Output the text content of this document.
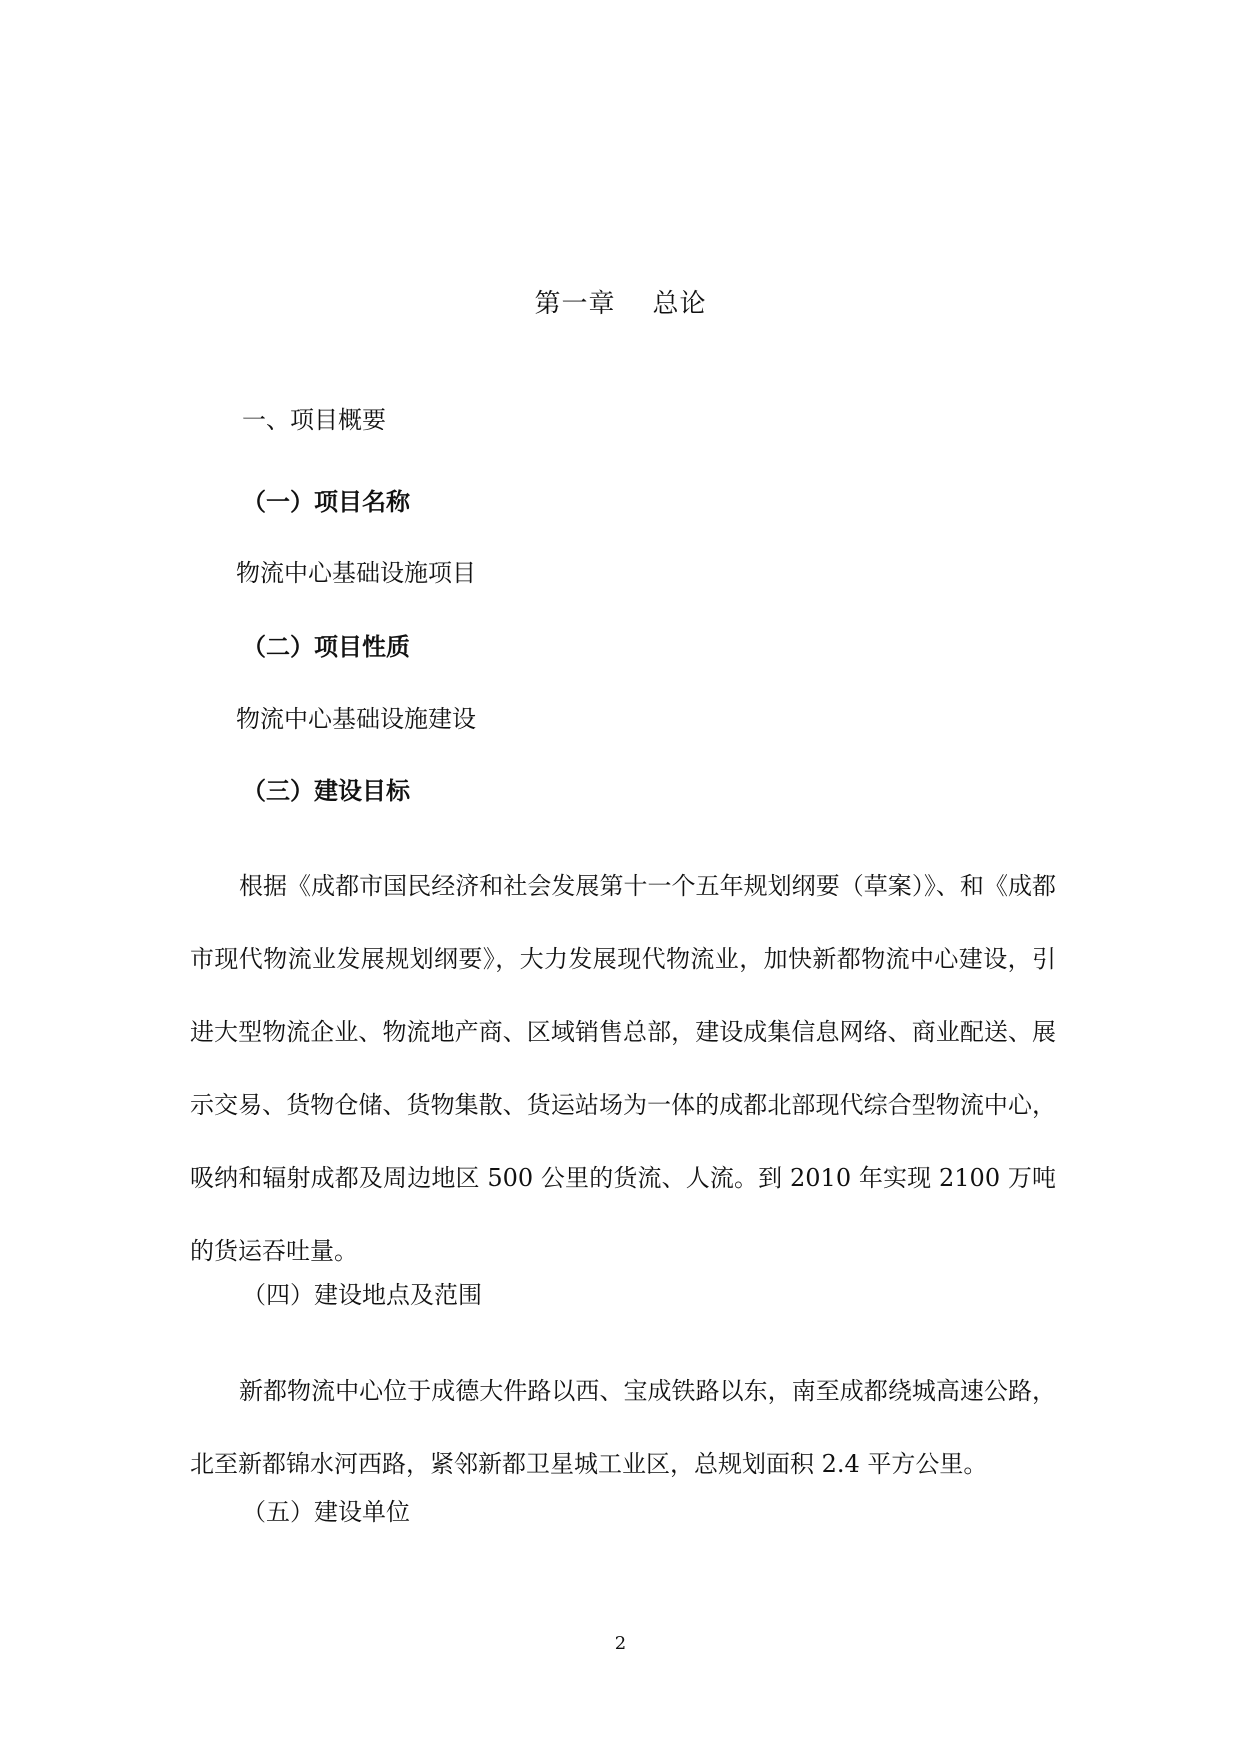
第一章    总论
一、项目概要
（一）项目名称
物流中心基础设施项目
（二）项目性质
物流中心基础设施建设
（三）建设目标

根据《成都市国民经济和社会发展第十一个五年规划纲要（草案）》、和《成都市现代物流业发展规划纲要》，大力发展现代物流业，加快新都物流中心建设，引进大型物流企业、物流地产商、区域销售总部，建设成集信息网络、商业配送、展示交易、货物仓储、货物集散、货运站场为一体的成都北部现代综合型物流中心，吸纳和辐射成都及周边地区 500 公里的货流、人流。到 2010 年实现 2100 万吨的货运吞吐量。

（四）建设地点及范围

新都物流中心位于成德大件路以西、宝成铁路以东，南至成都绕城高速公路，北至新都锦水河西路，紧邻新都卫星城工业区，总规划面积 2.4 平方公里。

（五）建设单位
2
